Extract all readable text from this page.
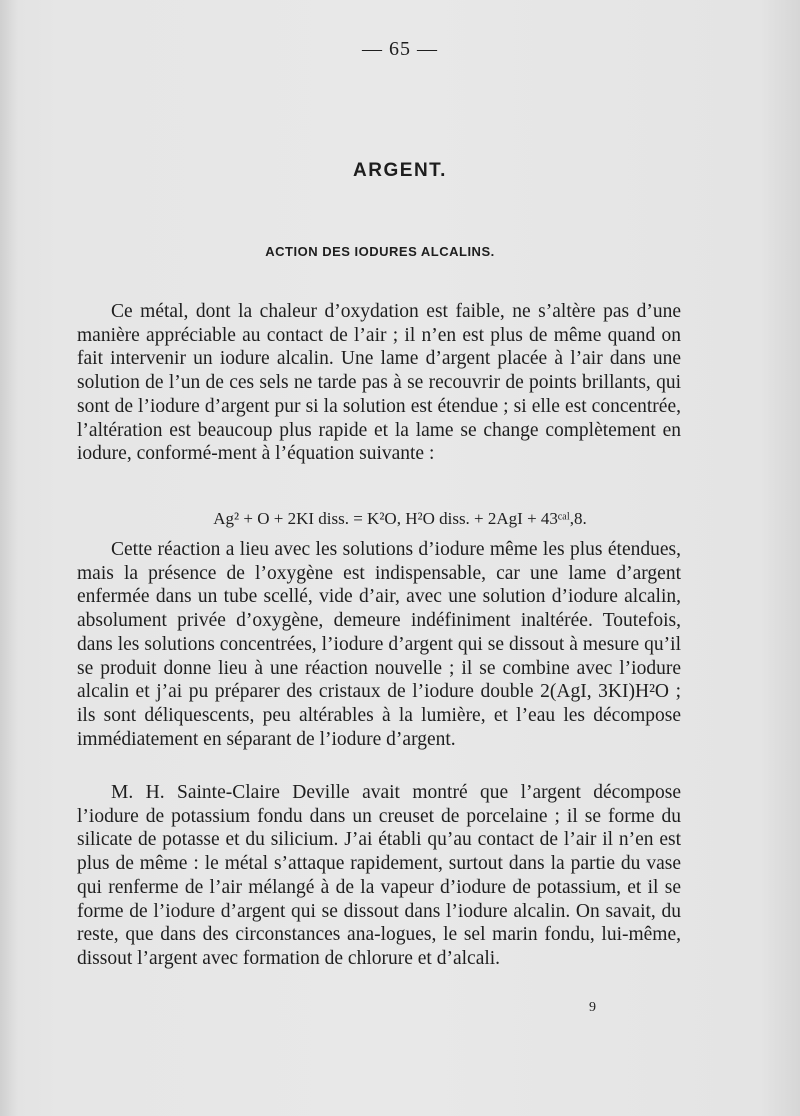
— 65 —
ARGENT.
ACTION DES IODURES ALCALINS.

Ce métal, dont la chaleur d’oxydation est faible, ne s’altère pas d’une manière appréciable au contact de l’air ; il n’en est plus de même quand on fait intervenir un iodure alcalin. Une lame d’argent placée à l’air dans une solution de l’un de ces sels ne tarde pas à se recouvrir de points brillants, qui sont de l’iodure d’argent pur si la solution est étendue ; si elle est concentrée, l’altération est beaucoup plus rapide et la lame se change complètement en iodure, conformé-ment à l’équation suivante :

Ag² + O + 2KI diss. = K²O, H²O diss. + 2AgI + 43ᶜᵃˡ,8.

Cette réaction a lieu avec les solutions d’iodure même les plus étendues, mais la présence de l’oxygène est indispensable, car une lame d’argent enfermée dans un tube scellé, vide d’air, avec une solution d’iodure alcalin, absolument privée d’oxygène, demeure indéfiniment inaltérée. Toutefois, dans les solutions concentrées, l’iodure d’argent qui se dissout à mesure qu’il se produit donne lieu à une réaction nouvelle ; il se combine avec l’iodure alcalin et j’ai pu préparer des cristaux de l’iodure double 2(AgI, 3KI)H²O ; ils sont déliquescents, peu altérables à la lumière, et l’eau les décompose immédiatement en séparant de l’iodure d’argent.

M. H. Sainte-Claire Deville avait montré que l’argent décompose l’iodure de potassium fondu dans un creuset de porcelaine ; il se forme du silicate de potasse et du silicium. J’ai établi qu’au contact de l’air il n’en est plus de même : le métal s’attaque rapidement, surtout dans la partie du vase qui renferme de l’air mélangé à de la vapeur d’iodure de potassium, et il se forme de l’iodure d’argent qui se dissout dans l’iodure alcalin. On savait, du reste, que dans des circonstances ana-logues, le sel marin fondu, lui-même, dissout l’argent avec formation de chlorure et d’alcali.

9
